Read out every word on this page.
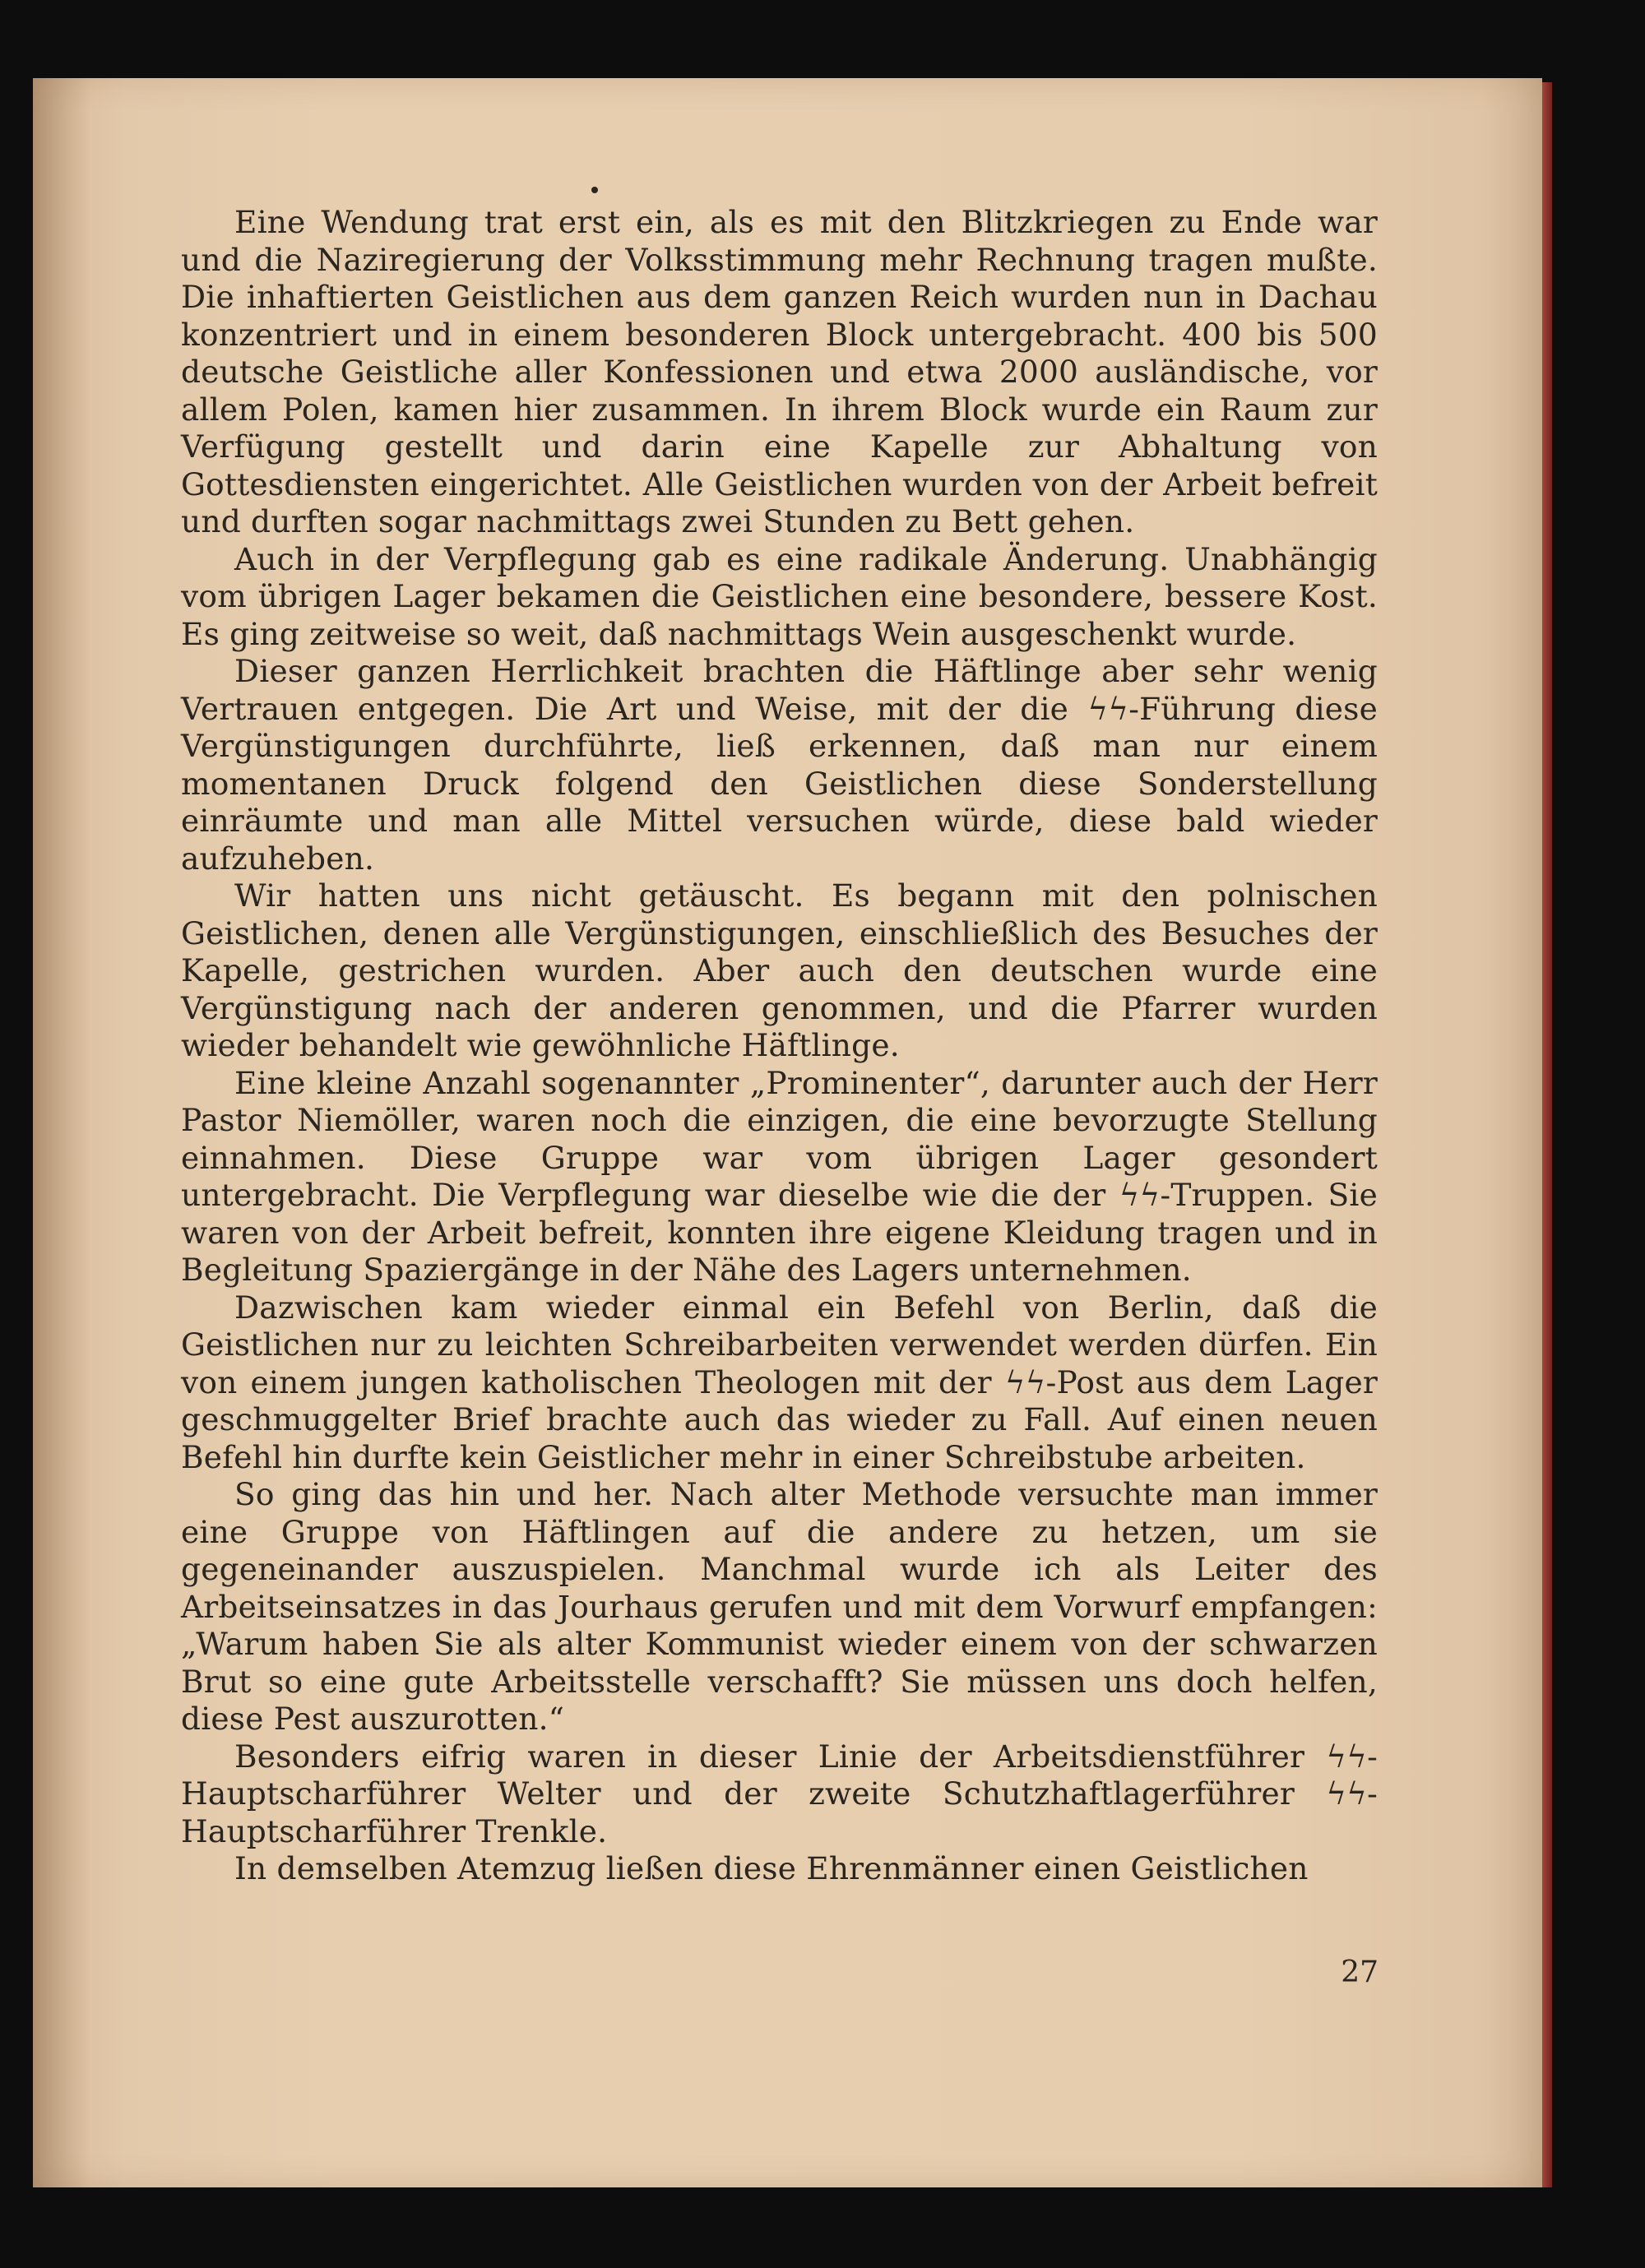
Eine Wendung trat erst ein, als es mit den Blitzkriegen zu Ende war und die Naziregierung der Volksstimmung mehr Rechnung tragen mußte. Die inhaftierten Geistlichen aus dem ganzen Reich wurden nun in Dachau konzentriert und in einem besonderen Block untergebracht. 400 bis 500 deutsche Geistliche aller Konfessionen und etwa 2000 ausländische, vor allem Polen, kamen hier zusammen. In ihrem Block wurde ein Raum zur Verfügung gestellt und darin eine Kapelle zur Abhaltung von Gottesdiensten eingerichtet. Alle Geistlichen wurden von der Arbeit befreit und durften sogar nachmittags zwei Stunden zu Bett gehen.

Auch in der Verpflegung gab es eine radikale Änderung. Unabhängig vom übrigen Lager bekamen die Geistlichen eine besondere, bessere Kost. Es ging zeitweise so weit, daß nachmittags Wein ausgeschenkt wurde.

Dieser ganzen Herrlichkeit brachten die Häftlinge aber sehr wenig Vertrauen entgegen. Die Art und Weise, mit der die ϟϟ-Führung diese Vergünstigungen durchführte, ließ erkennen, daß man nur einem momentanen Druck folgend den Geistlichen diese Sonderstellung einräumte und man alle Mittel versuchen würde, diese bald wieder aufzuheben.

Wir hatten uns nicht getäuscht. Es begann mit den polnischen Geistlichen, denen alle Vergünstigungen, einschließlich des Besuches der Kapelle, gestrichen wurden. Aber auch den deutschen wurde eine Vergünstigung nach der anderen genommen, und die Pfarrer wurden wieder behandelt wie gewöhnliche Häftlinge.

Eine kleine Anzahl sogenannter „Prominenter“, darunter auch der Herr Pastor Niemöller, waren noch die einzigen, die eine bevorzugte Stellung einnahmen. Diese Gruppe war vom übrigen Lager gesondert untergebracht. Die Verpflegung war dieselbe wie die der ϟϟ-Truppen. Sie waren von der Arbeit befreit, konnten ihre eigene Kleidung tragen und in Begleitung Spaziergänge in der Nähe des Lagers unternehmen.

Dazwischen kam wieder einmal ein Befehl von Berlin, daß die Geistlichen nur zu leichten Schreibarbeiten verwendet werden dürfen. Ein von einem jungen katholischen Theologen mit der ϟϟ-Post aus dem Lager geschmuggelter Brief brachte auch das wieder zu Fall. Auf einen neuen Befehl hin durfte kein Geistlicher mehr in einer Schreibstube arbeiten.

So ging das hin und her. Nach alter Methode versuchte man immer eine Gruppe von Häftlingen auf die andere zu hetzen, um sie gegeneinander auszuspielen. Manchmal wurde ich als Leiter des Arbeitseinsatzes in das Jourhaus gerufen und mit dem Vorwurf empfangen: „Warum haben Sie als alter Kommunist wieder einem von der schwarzen Brut so eine gute Arbeitsstelle verschafft? Sie müssen uns doch helfen, diese Pest auszurotten.“

Besonders eifrig waren in dieser Linie der Arbeitsdienstführer ϟϟ-Hauptscharführer Welter und der zweite Schutzhaftlagerführer ϟϟ-Hauptscharführer Trenkle.

In demselben Atemzug ließen diese Ehrenmänner einen Geistlichen

27
